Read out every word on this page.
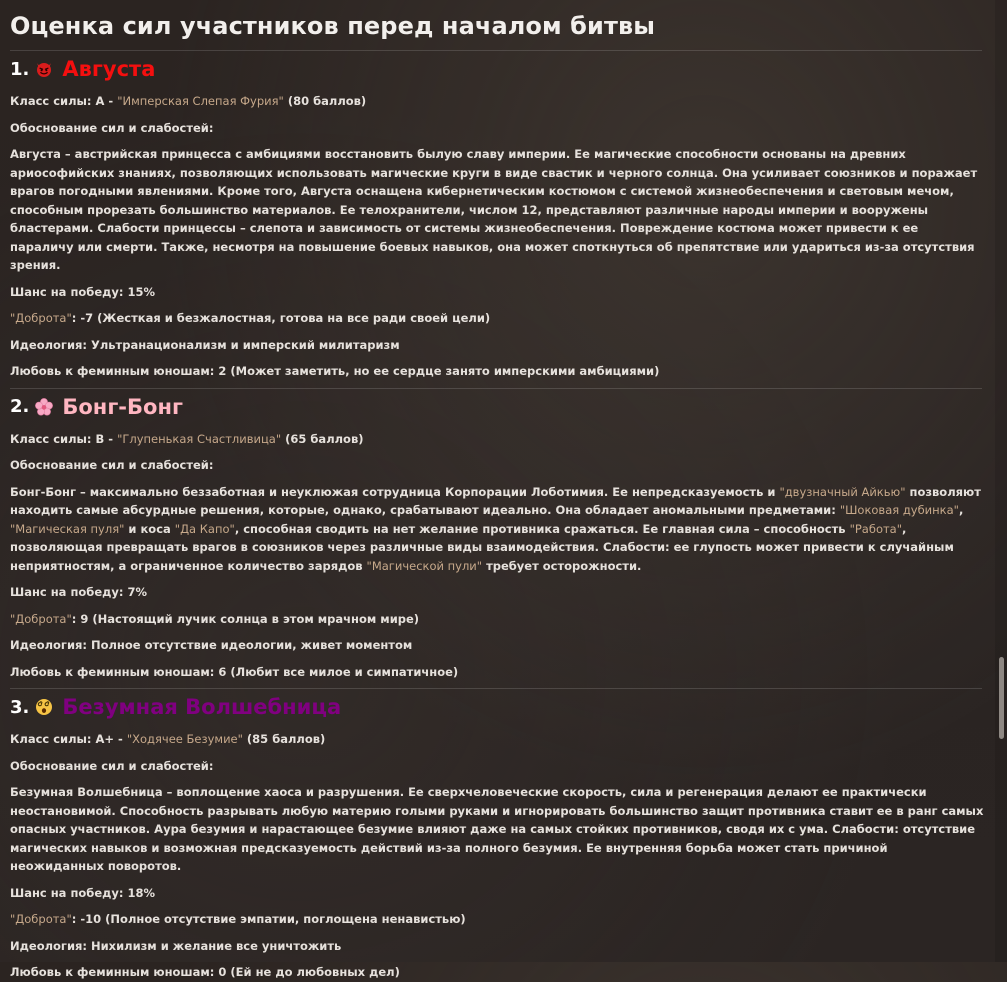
Оценка сил участников перед началом битвы
1. Августа
Класс силы: A - "Имперская Слепая Фурия" (80 баллов)
Обоснование сил и слабостей:
Августа – австрийская принцесса с амбициями восстановить былую славу империи. Ее магические способности основаны на древних ариософийских знаниях, позволяющих использовать магические круги в виде свастик и черного солнца. Она усиливает союзников и поражает врагов погодными явлениями. Кроме того, Августа оснащена кибернетическим костюмом с системой жизнеобеспечения и световым мечом, способным прорезать большинство материалов. Ее телохранители, числом 12, представляют различные народы империи и вооружены бластерами. Слабости принцессы – слепота и зависимость от системы жизнеобеспечения. Повреждение костюма может привести к ее параличу или смерти. Также, несмотря на повышение боевых навыков, она может споткнуться об препятствие или удариться из-за отсутствия зрения.
Шанс на победу: 15%
"Доброта": -7 (Жесткая и безжалостная, готова на все ради своей цели)
Идеология: Ультранационализм и имперский милитаризм
Любовь к феминным юношам: 2 (Может заметить, но ее сердце занято имперскими амбициями)
2. Бонг-Бонг
Класс силы: B - "Глупенькая Счастливица" (65 баллов)
Обоснование сил и слабостей:
Бонг-Бонг – максимально беззаботная и неуклюжая сотрудница Корпорации Лоботимия. Ее непредсказуемость и "двузначный Айкью" позволяют находить самые абсурдные решения, которые, однако, срабатывают идеально. Она обладает аномальными предметами: "Шоковая дубинка", "Магическая пуля" и коса "Да Капо", способная сводить на нет желание противника сражаться. Ее главная сила – способность "Работа", позволяющая превращать врагов в союзников через различные виды взаимодействия. Слабости: ее глупость может привести к случайным неприятностям, а ограниченное количество зарядов "Магической пули" требует осторожности.
Шанс на победу: 7%
"Доброта": 9 (Настоящий лучик солнца в этом мрачном мире)
Идеология: Полное отсутствие идеологии, живет моментом
Любовь к феминным юношам: 6 (Любит все милое и симпатичное)
3. Безумная Волшебница
Класс силы: A+ - "Ходячее Безумие" (85 баллов)
Обоснование сил и слабостей:
Безумная Волшебница – воплощение хаоса и разрушения. Ее сверхчеловеческие скорость, сила и регенерация делают ее практически неостановимой. Способность разрывать любую материю голыми руками и игнорировать большинство защит противника ставит ее в ранг самых опасных участников. Аура безумия и нарастающее безумие влияют даже на самых стойких противников, сводя их с ума. Слабости: отсутствие магических навыков и возможная предсказуемость действий из-за полного безумия. Ее внутренняя борьба может стать причиной неожиданных поворотов.
Шанс на победу: 18%
"Доброта": -10 (Полное отсутствие эмпатии, поглощена ненавистью)
Идеология: Нихилизм и желание все уничтожить
Любовь к феминным юношам: 0 (Ей не до любовных дел)
